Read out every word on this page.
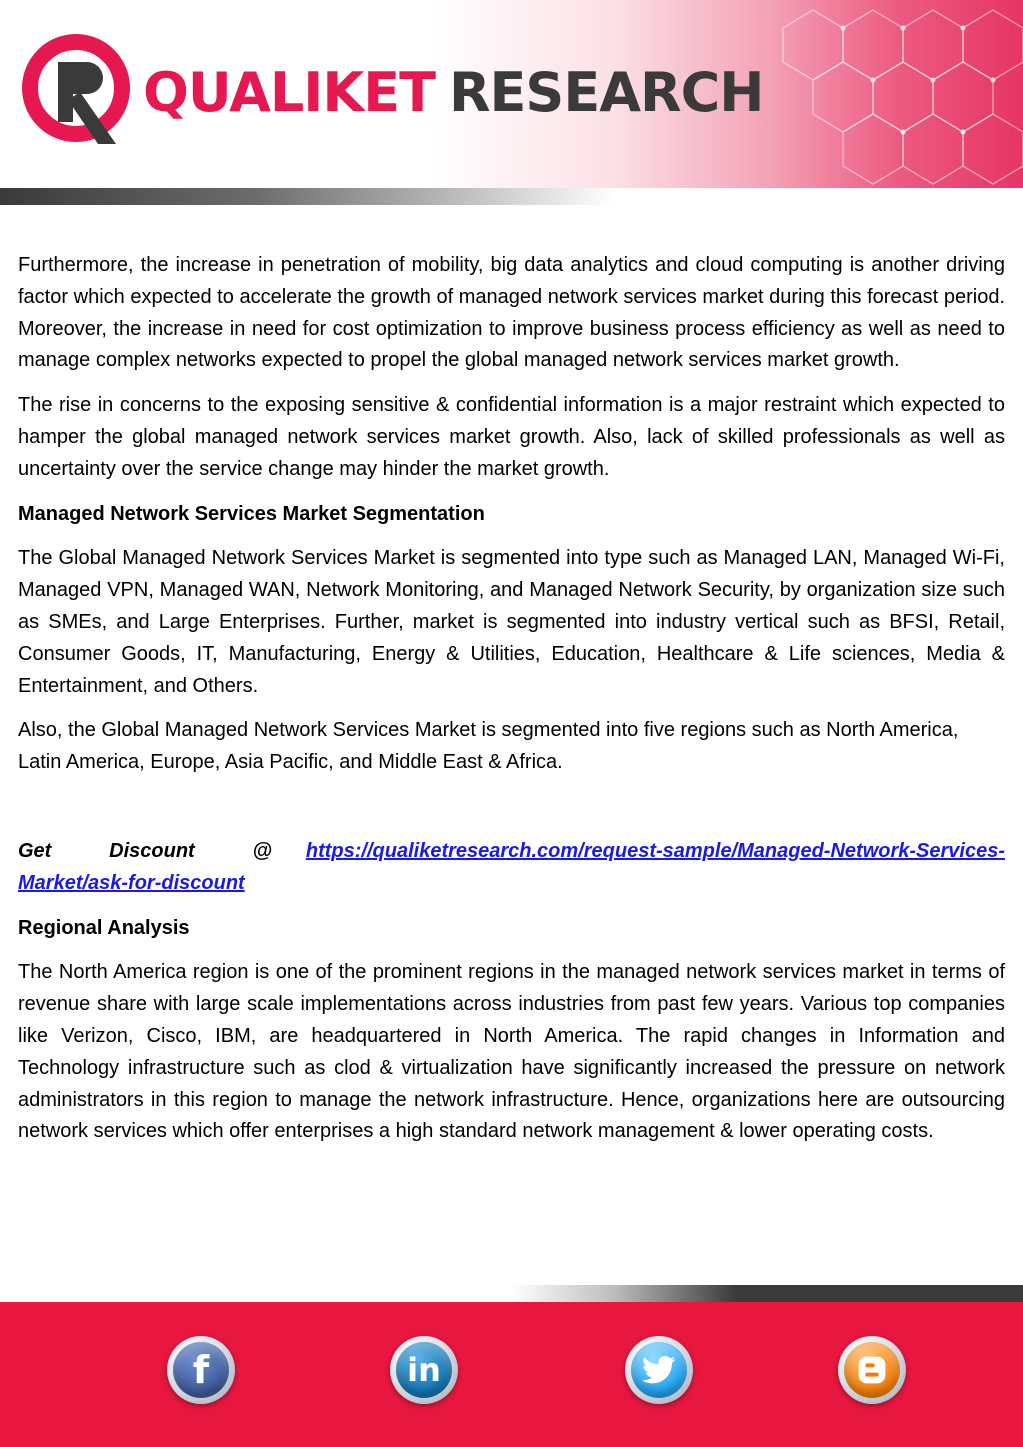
QUALIKET RESEARCH

Furthermore, the increase in penetration of mobility, big data analytics and cloud computing is another driving factor which expected to accelerate the growth of managed network services market during this forecast period. Moreover, the increase in need for cost optimization to improve business process efficiency as well as need to manage complex networks expected to propel the global managed network services market growth.

The rise in concerns to the exposing sensitive & confidential information is a major restraint which expected to hamper the global managed network services market growth. Also, lack of skilled professionals as well as uncertainty over the service change may hinder the market growth.

Managed Network Services Market Segmentation

The Global Managed Network Services Market is segmented into type such as Managed LAN, Managed Wi-Fi, Managed VPN, Managed WAN, Network Monitoring, and Managed Network Security, by organization size such as SMEs, and Large Enterprises. Further, market is segmented into industry vertical such as BFSI, Retail, Consumer Goods, IT, Manufacturing, Energy & Utilities, Education, Healthcare & Life sciences, Media & Entertainment, and Others.

Also, the Global Managed Network Services Market is segmented into five regions such as North America, Latin America, Europe, Asia Pacific, and Middle East & Africa.

Get Discount @ https://qualiketresearch.com/request-sample/Managed-Network-Services-Market/ask-for-discount

Regional Analysis

The North America region is one of the prominent regions in the managed network services market in terms of revenue share with large scale implementations across industries from past few years. Various top companies like Verizon, Cisco, IBM, are headquartered in North America. The rapid changes in Information and Technology infrastructure such as clod & virtualization have significantly increased the pressure on network administrators in this region to manage the network infrastructure. Hence, organizations here are outsourcing network services which offer enterprises a high standard network management & lower operating costs.

f	in
